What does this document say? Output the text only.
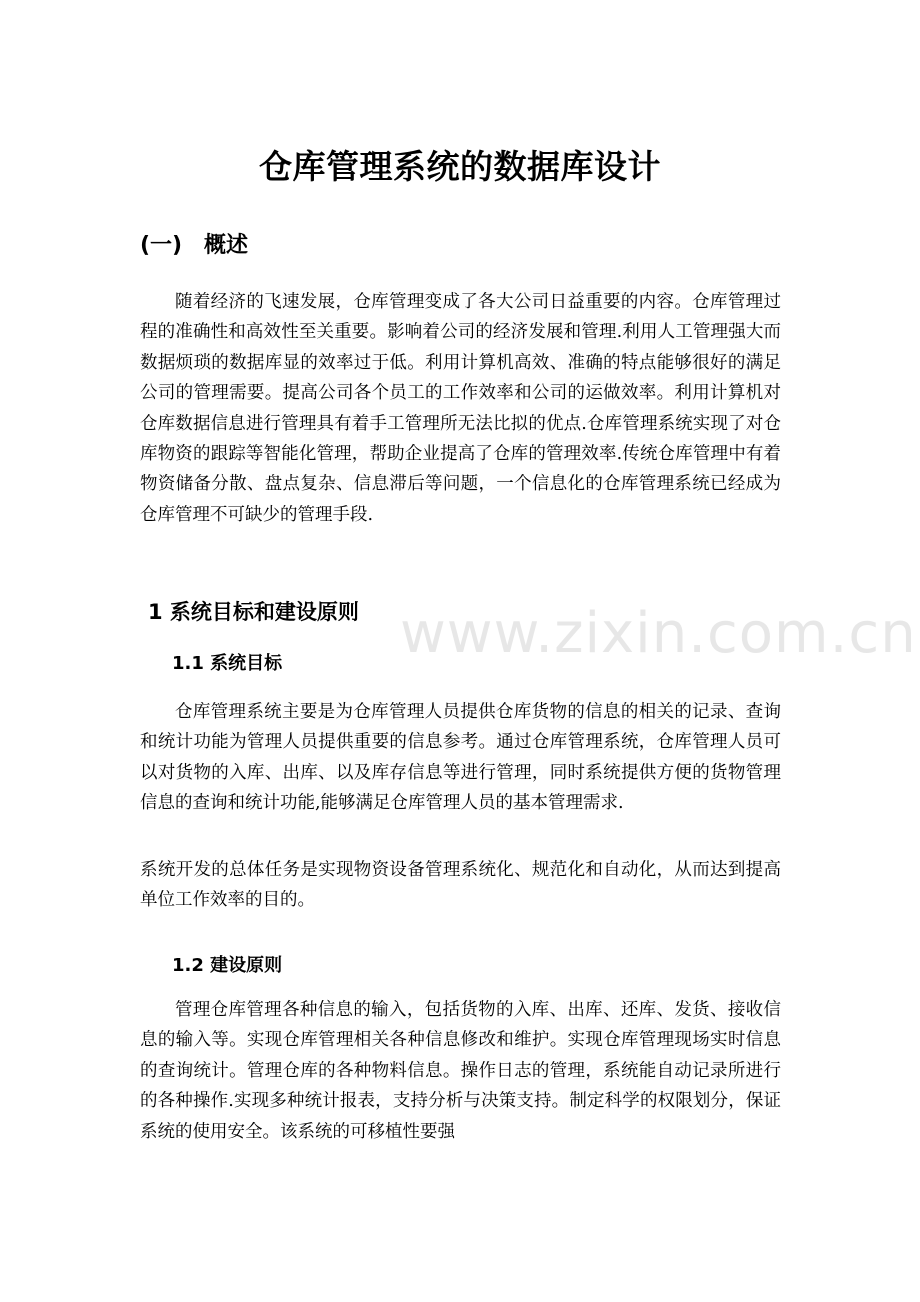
仓库管理系统的数据库设计
(一) 概述

随着经济的飞速发展，仓库管理变成了各大公司日益重要的内容。仓库管理过程的准确性和高效性至关重要。影响着公司的经济发展和管理.利用人工管理强大而数据烦琐的数据库显的效率过于低。利用计算机高效、准确的特点能够很好的满足公司的管理需要。提高公司各个员工的工作效率和公司的运做效率。利用计算机对仓库数据信息进行管理具有着手工管理所无法比拟的优点.仓库管理系统实现了对仓库物资的跟踪等智能化管理，帮助企业提高了仓库的管理效率.传统仓库管理中有着物资储备分散、盘点复杂、信息滞后等问题，一个信息化的仓库管理系统已经成为仓库管理不可缺少的管理手段.

www.zixin.com.cn
1 系统目标和建设原则
1.1 系统目标

仓库管理系统主要是为仓库管理人员提供仓库货物的信息的相关的记录、查询和统计功能为管理人员提供重要的信息参考。通过仓库管理系统，仓库管理人员可以对货物的入库、出库、以及库存信息等进行管理，同时系统提供方便的货物管理信息的查询和统计功能,能够满足仓库管理人员的基本管理需求.

系统开发的总体任务是实现物资设备管理系统化、规范化和自动化，从而达到提高单位工作效率的目的。

1.2 建设原则

管理仓库管理各种信息的输入，包括货物的入库、出库、还库、发货、接收信息的输入等。实现仓库管理相关各种信息修改和维护。实现仓库管理现场实时信息的查询统计。管理仓库的各种物料信息。操作日志的管理，系统能自动记录所进行的各种操作.实现多种统计报表，支持分析与决策支持。制定科学的权限划分，保证系统的使用安全。该系统的可移植性要强
